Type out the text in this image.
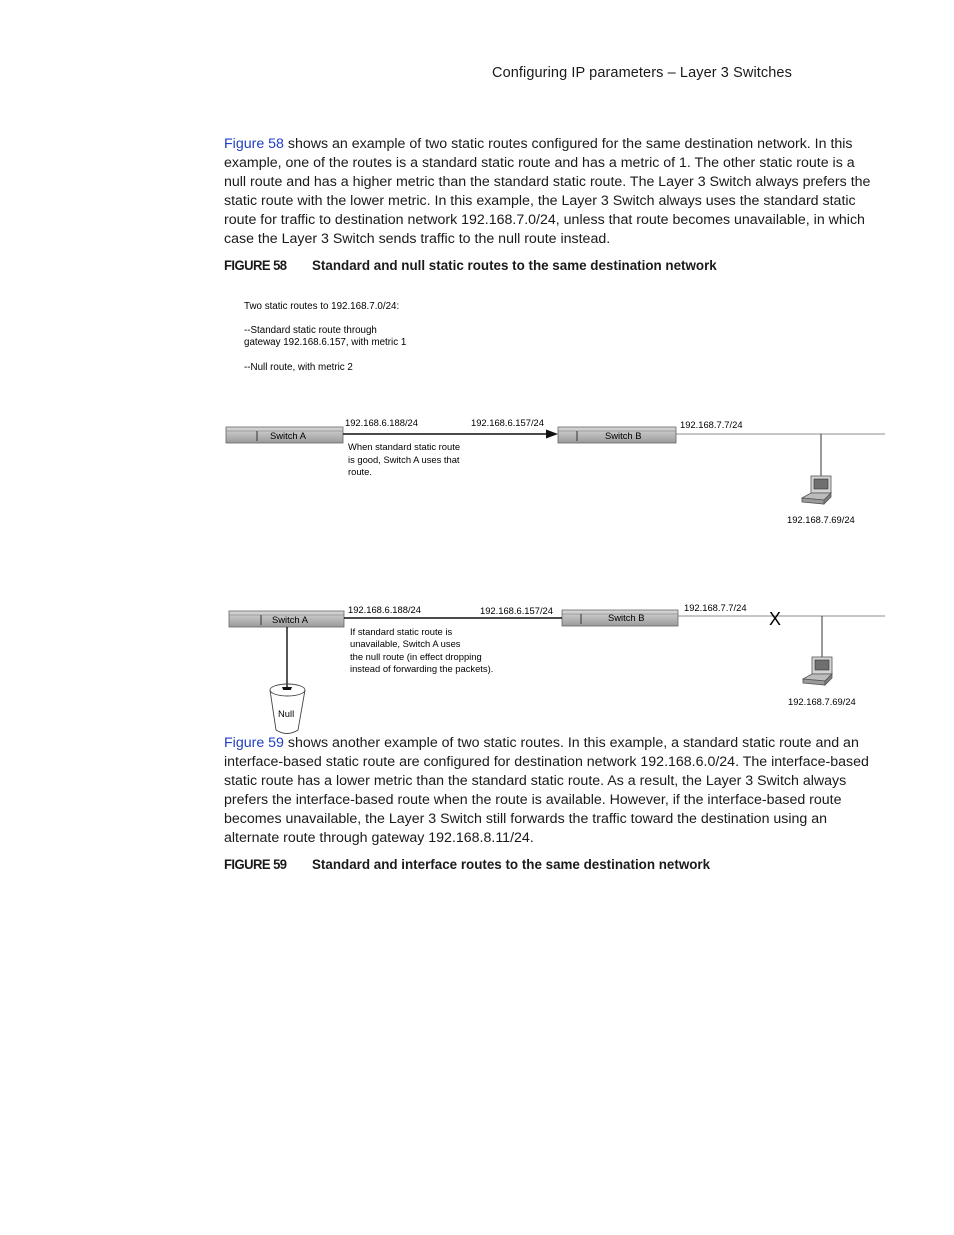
Configuring IP parameters – Layer 3 Switches
Figure 58 shows an example of two static routes configured for the same destination network. In this example, one of the routes is a standard static route and has a metric of 1. The other static route is a null route and has a higher metric than the standard static route. The Layer 3 Switch always prefers the static route with the lower metric. In this example, the Layer 3 Switch always uses the standard static route for traffic to destination network 192.168.7.0/24, unless that route becomes unavailable, in which case the Layer 3 Switch sends traffic to the null route instead.
FIGURE 58 Standard and null static routes to the same destination network
Two static routes to 192.168.7.0/24:
--Standard static route through
gateway 192.168.6.157, with metric 1
--Null route, with metric 2
Switch A	Switch B
192.168.6.188/24	192.168.6.157/24	192.168.7.7/24
192.168.7.69/24
When standard static route
is good, Switch A uses that
route.
Switch A	Switch B	X
Null
192.168.6.188/24	192.168.6.157/24	192.168.7.7/24
192.168.7.69/24
If standard static route is
unavailable, Switch A uses
the null route (in effect dropping
instead of forwarding the packets).
Figure 59 shows another example of two static routes. In this example, a standard static route and an interface-based static route are configured for destination network 192.168.6.0/24. The interface-based static route has a lower metric than the standard static route. As a result, the Layer 3 Switch always prefers the interface-based route when the route is available. However, if the interface-based route becomes unavailable, the Layer 3 Switch still forwards the traffic toward the destination using an alternate route through gateway 192.168.8.11/24.
FIGURE 59 Standard and interface routes to the same destination network
